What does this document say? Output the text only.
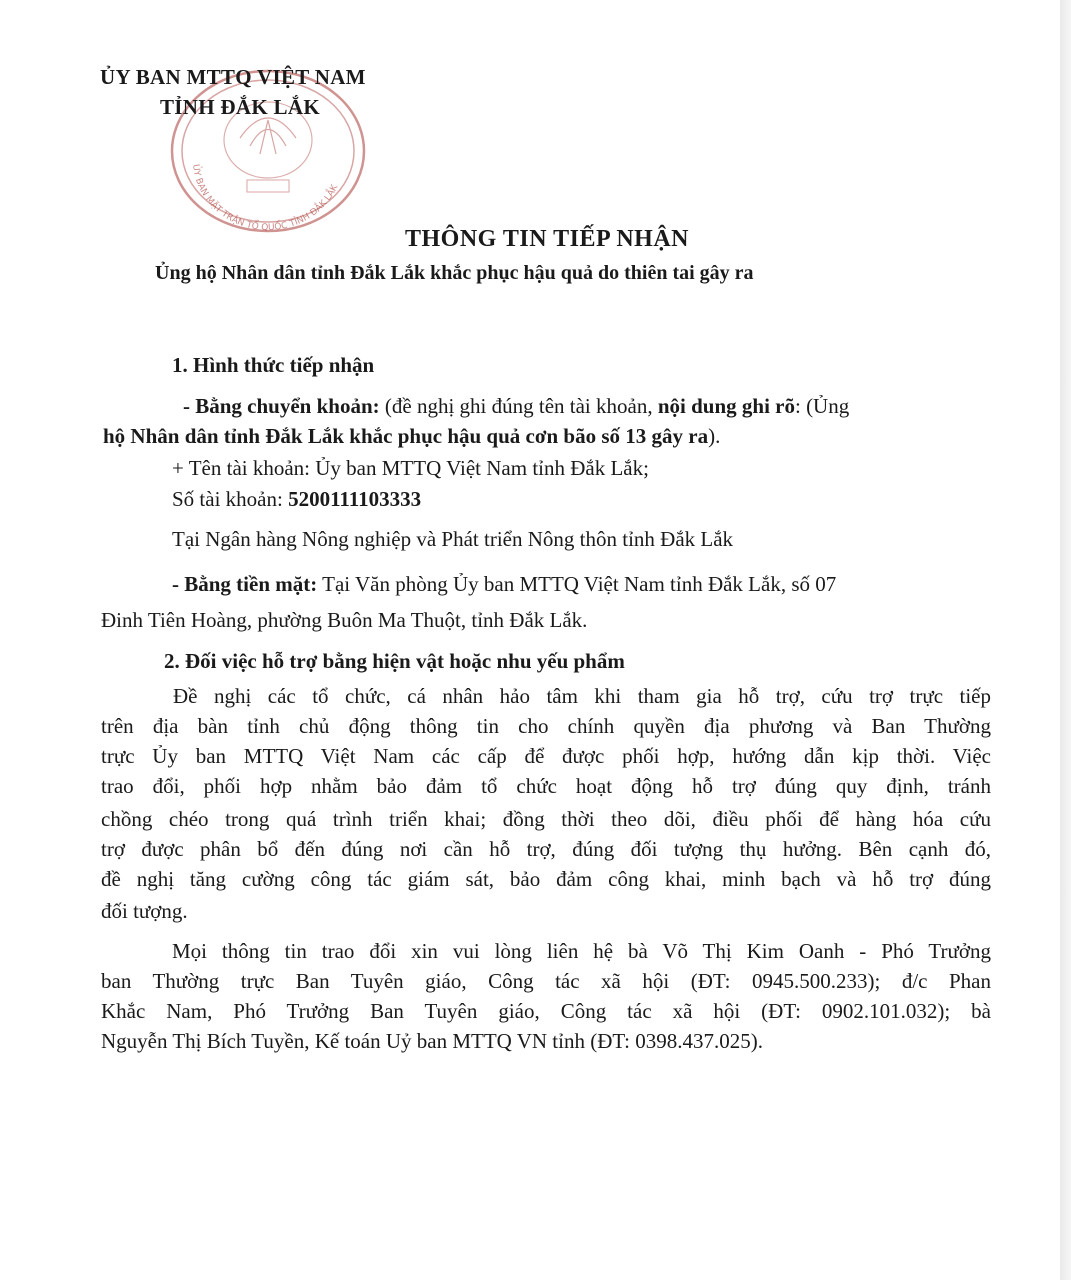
ỦY BAN MẶT TRẬN TỔ QUỐC TỈNH ĐẮK LẮK
ỦY BAN MTTQ VIỆT NAM
TỈNH ĐẮK LẮK
THÔNG TIN TIẾP NHẬN
Ủng hộ Nhân dân tỉnh Đắk Lắk khắc phục hậu quả do thiên tai gây ra
1. Hình thức tiếp nhận
- Bằng chuyển khoản: (đề nghị ghi đúng tên tài khoản, nội dung ghi rõ: (Ủng
hộ Nhân dân tỉnh Đắk Lắk khắc phục hậu quả cơn bão số 13 gây ra).
+ Tên tài khoản: Ủy ban MTTQ Việt Nam tỉnh Đắk Lắk;
Số tài khoản: 5200111103333
Tại Ngân hàng Nông nghiệp và Phát triển Nông thôn tỉnh Đắk Lắk
- Bằng tiền mặt: Tại Văn phòng Ủy ban MTTQ Việt Nam tỉnh Đắk Lắk, số 07
Đinh Tiên Hoàng, phường Buôn Ma Thuột, tỉnh Đắk Lắk.
2. Đối việc hỗ trợ bằng hiện vật hoặc nhu yếu phẩm
Đề nghị các tổ chức, cá nhân hảo tâm khi tham gia hỗ trợ, cứu trợ trực tiếp
trên địa bàn tỉnh chủ động thông tin cho chính quyền địa phương và Ban Thường
trực Ủy ban MTTQ Việt Nam các cấp để được phối hợp, hướng dẫn kịp thời. Việc
trao đổi, phối hợp nhằm bảo đảm tổ chức hoạt động hỗ trợ đúng quy định, tránh
chồng chéo trong quá trình triển khai; đồng thời theo dõi, điều phối để hàng hóa cứu
trợ được phân bổ đến đúng nơi cần hỗ trợ, đúng đối tượng thụ hưởng. Bên cạnh đó,
đề nghị tăng cường công tác giám sát, bảo đảm công khai, minh bạch và hỗ trợ đúng
đối tượng.
Mọi thông tin trao đổi xin vui lòng liên hệ bà Võ Thị Kim Oanh - Phó Trưởng
ban Thường trực Ban Tuyên giáo, Công tác xã hội (ĐT: 0945.500.233); đ/c Phan
Khắc Nam, Phó Trưởng Ban Tuyên giáo, Công tác xã hội (ĐT: 0902.101.032); bà
Nguyễn Thị Bích Tuyền, Kế toán Uỷ ban MTTQ VN tỉnh (ĐT: 0398.437.025).
